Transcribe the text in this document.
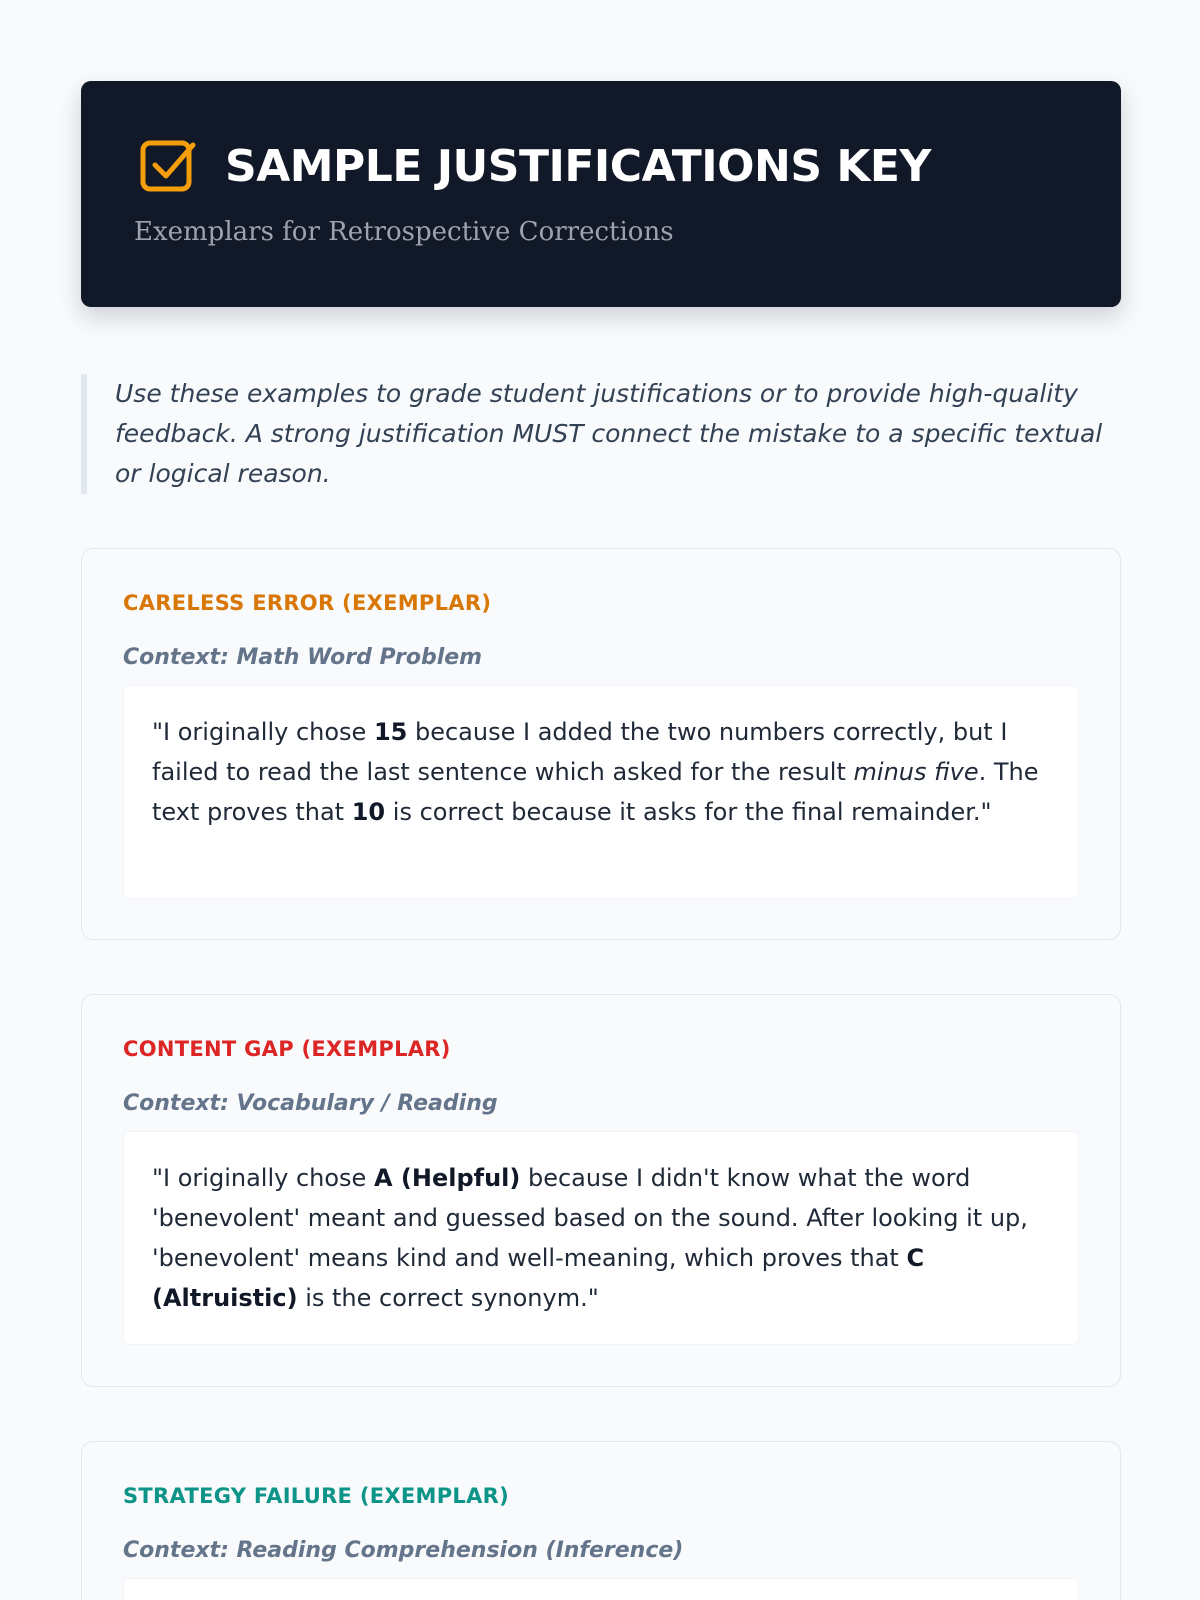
SAMPLE JUSTIFICATIONS KEY
Exemplars for Retrospective Corrections
Use these examples to grade student justifications or to provide high-quality feedback. A strong justification MUST connect the mistake to a specific textual or logical reason.
CARELESS ERROR (EXEMPLAR)
Context: Math Word Problem
"I originally chose 15 because I added the two numbers correctly, but I failed to read the last sentence which asked for the result minus five. The text proves that 10 is correct because it asks for the final remainder."
CONTENT GAP (EXEMPLAR)
Context: Vocabulary / Reading
"I originally chose A (Helpful) because I didn't know what the word 'benevolent' meant and guessed based on the sound. After looking it up, 'benevolent' means kind and well-meaning, which proves that C (Altruistic) is the correct synonym."
STRATEGY FAILURE (EXEMPLAR)
Context: Reading Comprehension (Inference)
